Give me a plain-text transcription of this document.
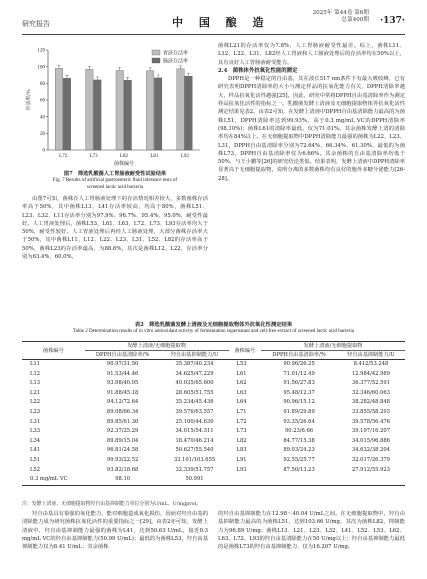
研究报告	中 国 酿 造
2025年 第44卷 第6期
总第400期 ·137·
0
20
40
60
80
100
120
存活率/%
菌株编号
L72	L73	L82	L81	L92
胃液存活率
肠液存活率
图7　筛选乳酸菌人工胃肠液耐受性试验结果
Fig. 7 Results of artificial gastroenteric fluid tolerance tests of
screened lactic acid bacteria

由图7可知，菌株在人工胃肠液处理下的存活情况相差较大，多数菌株存活率高于50%，其中菌株L13、L41存活率较高，均高于80%，菌株L51、L23、L32、L11存活率分别为97.9%、96.7%、95.4%、95.0%，耐受性最好。人工胃液处理后，菌株L53、L61、L63、L72、L73、L93存活率均大于50%，耐受性较好。人工胃液处理后再经人工肠液处理，大部分菌株存活率大于50%，其中菌株L11、L12、L22、L23、L31、L52、L82的存活率高于50%，菌株L23的存活率最高，为88.6%，其次是菌株L12、L22，存活率分别为63.4%、60.0%。

菌株L21的存活率仅为7.8%，人工胃肠液耐受性最差。综上，菌株L11、L12、L22、L31、L82经人工胃液和人工肠液处理后的存活率均在50%以上，具有良好人工胃肠液耐受能力。

2.4　菌株体外抗氧化性能的测定

DPPH是一种稳定的自由基，其在波长517 nm条件下有最大吸收峰，已有研究表明DPPH清除率的大小与测定样品的抗氧化能力有关，DPPH清除率越大，样品抗氧化活性越强[25]。因此，研究中常将DPPH自由基清除率作为测定样品抗氧化活性的指标之一。乳酸菌发酵上清液及无细胞提取物体外抗氧化活性测定结果见表2。由表2可知，在发酵上清液中DPPH自由基清除能力最高的为菌株L51，DPPH清除率达到99.93%，高于0.3 mg/mL VC的DPPH清除率(98.10%)；菌株L61的清除率最低，仅为71.01%。其余菌株发酵上清的清除率均在84%以上。在无细胞提取物中DPPH清除能力最强的菌株为L22、L23、L31，DPPH自由基清除率分别为72.64%、66.34%、61.30%，最低的为菌株L73，DPPH自由基清除率仅为6.66%。其余菌株的自由基清除率均低于50%，与王小鹏等[26]的研究结论类似。结果表明，发酵上清液中DPPH清除率显著高于无细胞提取物，说明分离的多数菌株均有良好的胞外多糖分泌能力[26-28]。

表2　筛选乳酸菌发酵上清液及无细胞提取物体外抗氧化性测定结果
Table 2 Determination results of in vitro antioxidant activity of fermentation supernatant and cell-free extract of screened lactic acid bacteria
菌株编号	发酵上清液/无细胞提取物		菌株编号	发酵上清液/无细胞提取物	
	DPPH自由基清除率/%	羟自由基抑制能力/U		DPPH自由基清除率/%	羟自由基抑制能力/U
L11	90.97/31.50	35.387/40.234	L53	90.96/26.25	8.412/53.248
L12	91.53/44.46	34.625/47.229	L61	71.01/12.49	12.984/42.989
L13	93.98/40.95	40.035/65.600	L62	91.56/27.83	36.377/52.591
L21	91.88/45.18	28.605/51.755	L63	95.48/12.37	32.346/60.063
L22	94.12/72.64	35.234/45.436	L64	90.96/15.12	38.282/48.848
L23	89.08/66.34	39.576/63.557	L71	91.89/29.89	33.855/58.293
L31	89.85/61.30	25.100/44.630	L72	93.35/26.64	39.578/56.476
L33	92.37/25.29	34.015/54.311	L73	90.23/6.66	39.197/16.207
L34	89.89/15.04	18.470/46.214	L82	84.77/15.38	34.015/96.886
L41	96.81/24.58	50.627/55.540	L83	89.03/24.23	34.632/38.204
L51	99.93/22.52	33.101/103.655	L91	92.55/25.77	32.017/26.379
L52	93.82/18.68	32.339/51.757	L93	87.50/13.23	27.912/55.923
0.3 mg/mL VC	98.10	50.991			
注：发酵上清液、无细胞提取物羟自由基抑制能力单位分别为U/mL、U/mgprot。

羟自由基具有很强的氧化能力，能对细胞造成氧化损伤，因而对羟自由基的清除能力成为研究菌株抗氧化活性的重要指标之一[29]。由表2亦可知，发酵上清液中，羟自由基抑制能力最强的菌株为L41，达到50.63 U/mL，接近0.3 mg/mL VC的羟自由基抑制能力(50.99 U/mL)；最低的为菌株L53，羟自由基抑制能力仅为8.41 U/mL；其余菌株

的羟自由基抑制能力在12.98～40.04 U/mL之间。在无细胞提取物中，羟自由基抑制能力最高的为菌株L51，达到103.66 U/mg，其次为菌株L82，抑制能力为96.89 U/mg；菌株L13、L21、L23、L32、L41、L52、L53、L62、L63、L72、L93的羟自由基清除能力在50 U/mg以上；羟自由基抑制能力最低的是菌株L73的羟自由基抑制能力，仅为16.207 U/mg。
